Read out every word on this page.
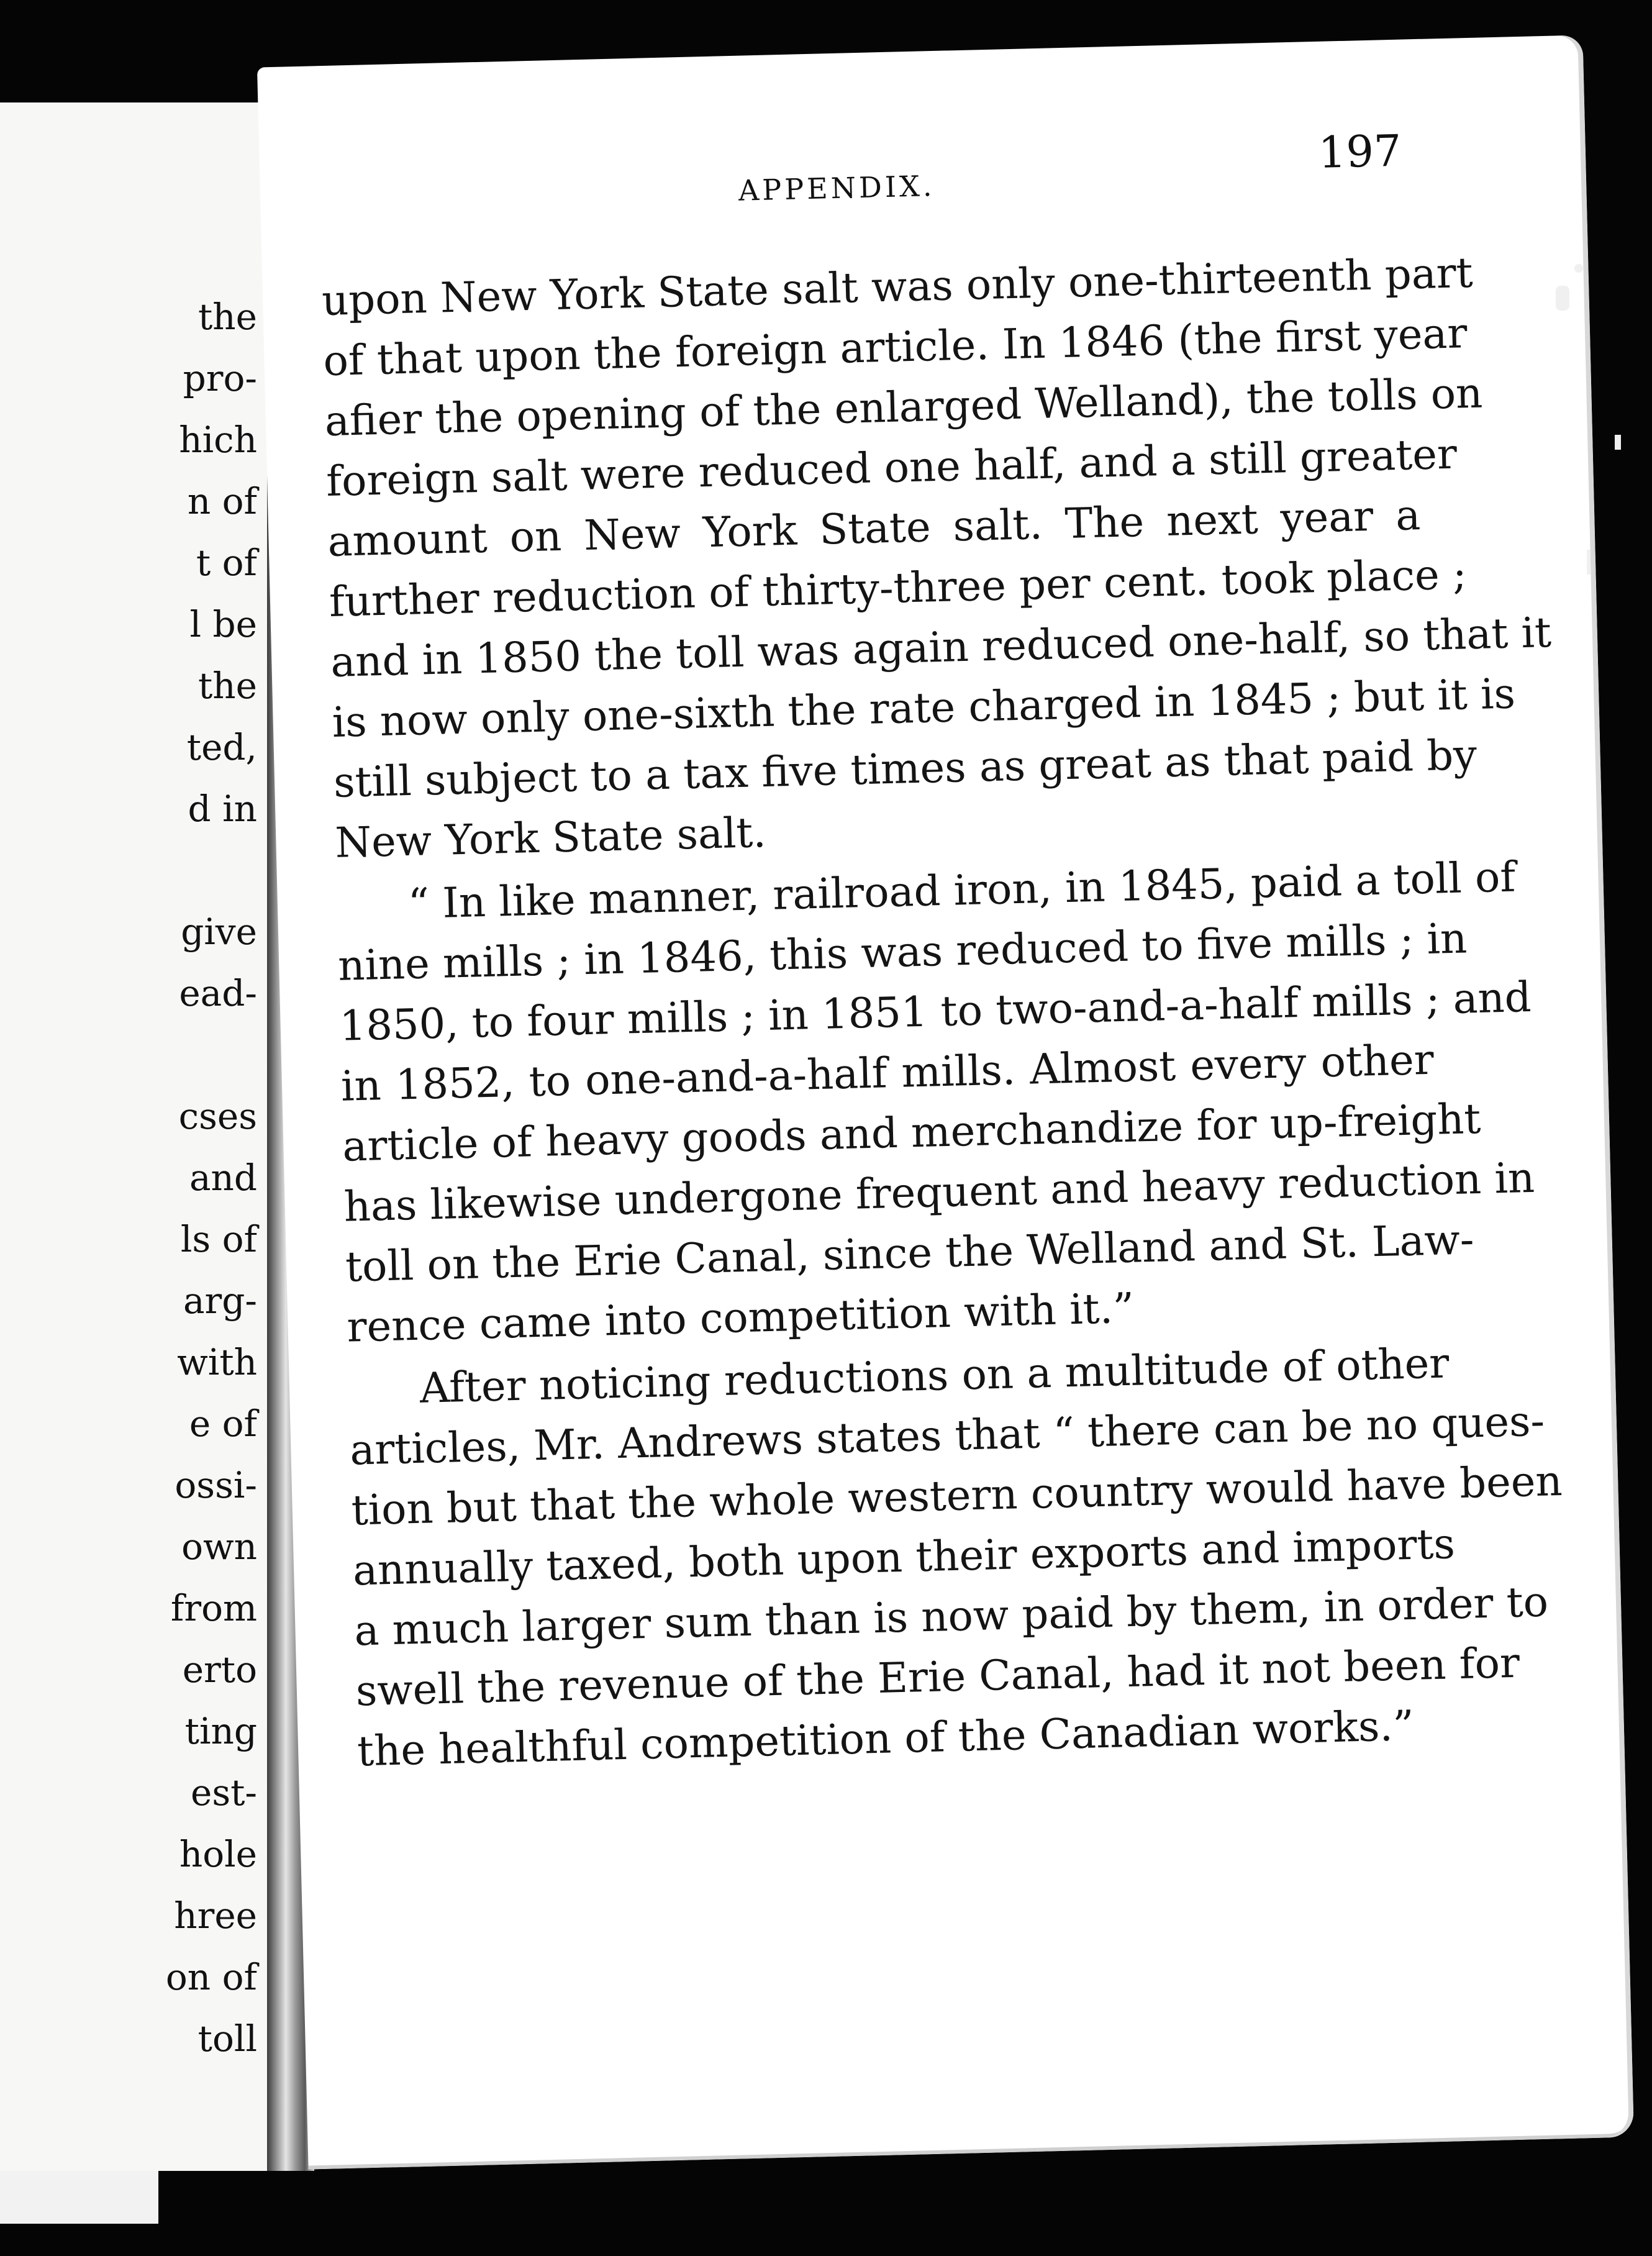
the
pro-
hich
n of
t of
l be
the
ted,
d in
give
ead-
cses
and
ls of
arg-
with
e of
ossi-
own
from
erto
ting
est-
hole
hree
on of
toll
APPENDIX.
197
upon New York State salt was only one-thirteenth part
of that upon the foreign article. In 1846 (the first year
afier the opening of the enlarged Welland), the tolls on
foreign salt were reduced one half, and a still greater
amount on New York State salt. The next year a
further reduction of thirty-three per cent. took place ;
and in 1850 the toll was again reduced one-half, so that it
is now only one-sixth the rate charged in 1845 ; but it is
still subject to a tax five times as great as that paid by
New York State salt.
“ In like manner, railroad iron, in 1845, paid a toll of
nine mills ; in 1846, this was reduced to five mills ; in
1850, to four mills ; in 1851 to two-and-a-half mills ; and
in 1852, to one-and-a-half mills. Almost every other
article of heavy goods and merchandize for up-freight
has likewise undergone frequent and heavy reduction in
toll on the Erie Canal, since the Welland and St. Law-
rence came into competition with it.”
After noticing reductions on a multitude of other
articles, Mr. Andrews states that “ there can be no ques-
tion but that the whole western country would have been
annually taxed, both upon their exports and imports
a much larger sum than is now paid by them, in order to
swell the revenue of the Erie Canal, had it not been for
the healthful competition of the Canadian works.”
